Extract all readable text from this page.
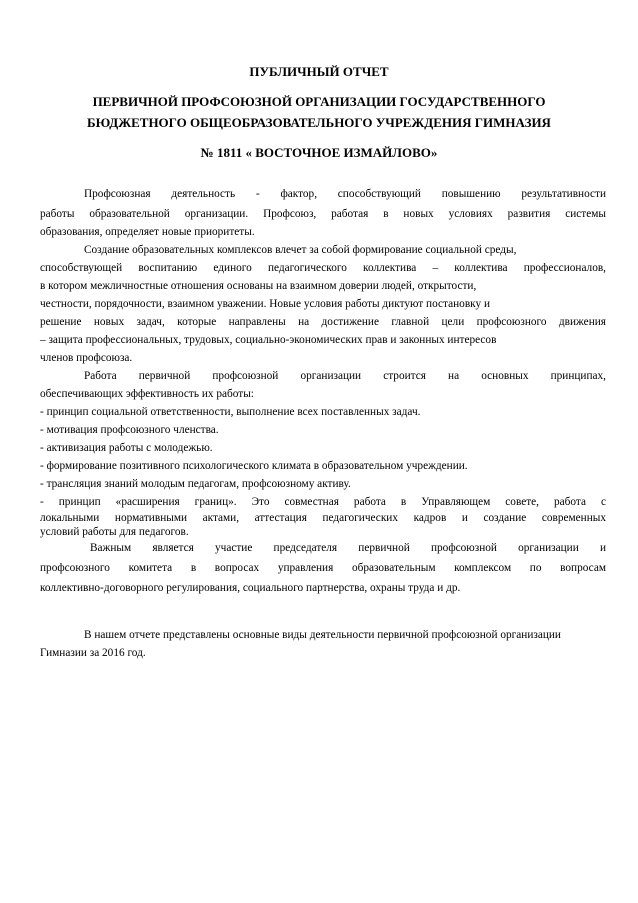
ПУБЛИЧНЫЙ ОТЧЕТ
ПЕРВИЧНОЙ ПРОФСОЮЗНОЙ ОРГАНИЗАЦИИ ГОСУДАРСТВЕННОГО
БЮДЖЕТНОГО ОБЩЕОБРАЗОВАТЕЛЬНОГО УЧРЕЖДЕНИЯ ГИМНАЗИЯ
№ 1811 « ВОСТОЧНОЕ ИЗМАЙЛОВО»
Профсоюзная деятельность - фактор, способствующий повышению результативности
работы образовательной организации. Профсоюз, работая в новых условиях развития системы
образования, определяет новые приоритеты.
Создание образовательных комплексов влечет за собой формирование социальной среды,
способствующей воспитанию единого педагогического коллектива – коллектива профессионалов,
в котором межличностные отношения основаны на взаимном доверии людей, открытости,
честности, порядочности, взаимном уважении. Новые условия работы диктуют постановку и
решение новых задач, которые направлены на достижение главной цели профсоюзного движения
– защита профессиональных, трудовых, социально-экономических прав и законных интересов
членов профсоюза.
Работа первичной профсоюзной организации строится на основных принципах,
обеспечивающих эффективность их работы:
- принцип социальной ответственности, выполнение всех поставленных задач.
- мотивация профсоюзного членства.
- активизация работы с молодежью.
- формирование позитивного психологического климата в образовательном учреждении.
- трансляция знаний молодым педагогам, профсоюзному активу.
- принцип «расширения границ». Это совместная работа в Управляющем совете, работа с
локальными нормативными актами, аттестация педагогических кадров и создание современных
условий работы для педагогов.
Важным является участие председателя первичной профсоюзной организации и
профсоюзного комитета в вопросах управления образовательным комплексом по вопросам
коллективно-договорного регулирования, социального партнерства, охраны труда и др.
В нашем отчете представлены основные виды деятельности первичной профсоюзной организации
Гимназии за 2016 год.
